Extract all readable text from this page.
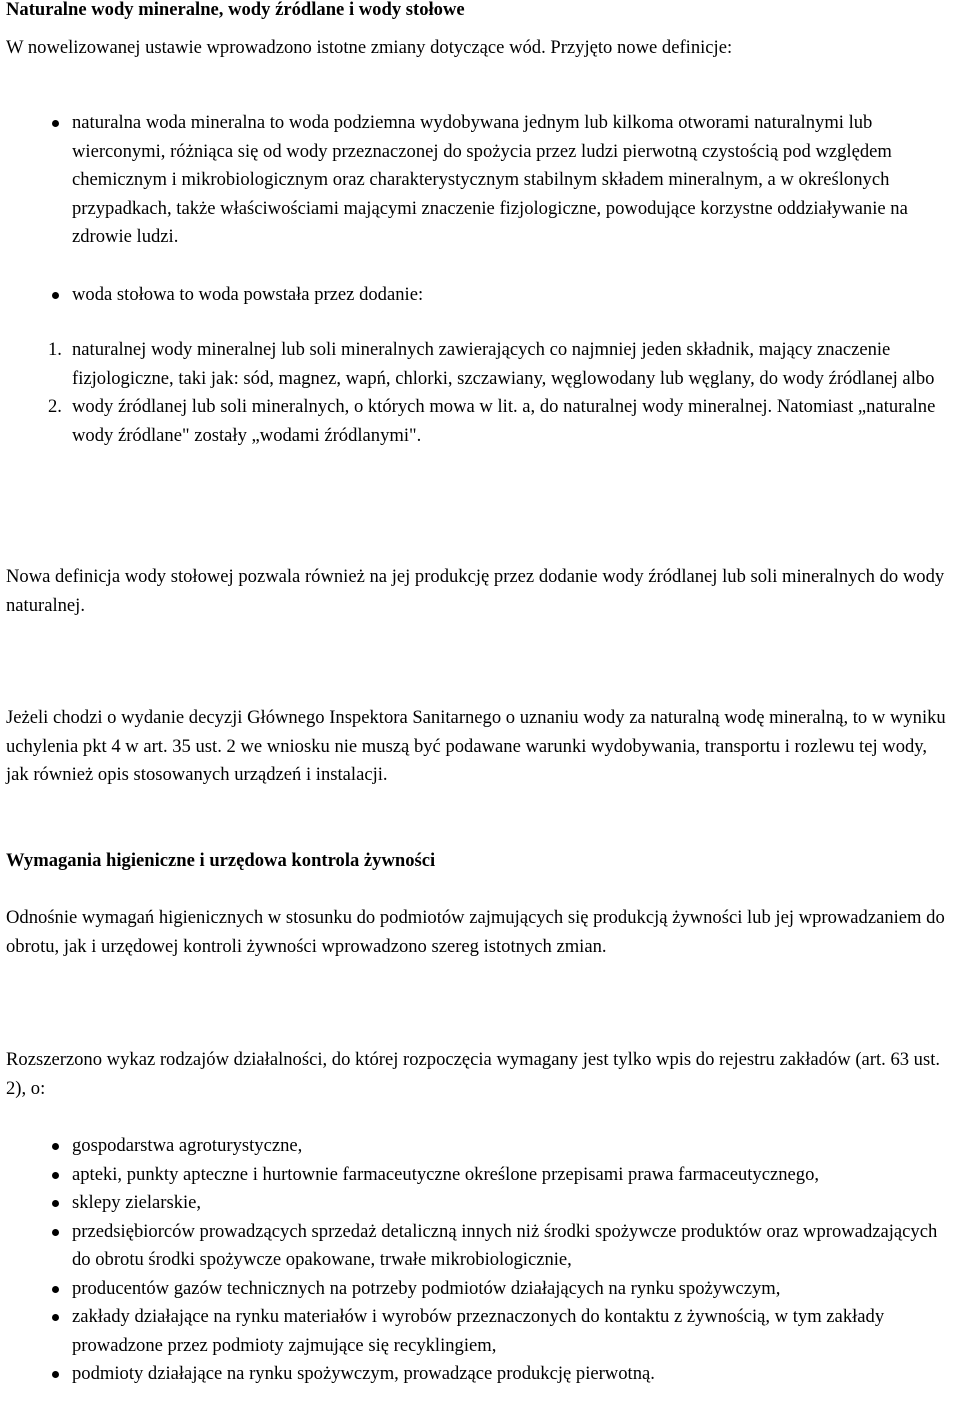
Naturalne wody mineralne, wody źródlane i wody stołowe

W nowelizowanej ustawie wprowadzono istotne zmiany dotyczące wód. Przyjęto nowe definicje:

naturalna woda mineralna to woda podziemna wydobywana jednym lub kilkoma otworami naturalnymi lub wierconymi, różniąca się od wody przeznaczonej do spożycia przez ludzi pierwotną czystością pod względem chemicznym i mikrobiologicznym oraz charakterystycznym stabilnym składem mineralnym, a w określonych przypadkach, także właściwościami mającymi znaczenie fizjologiczne, powodujące korzystne oddziaływanie na zdrowie ludzi.
woda stołowa to woda powstała przez dodanie:
1. naturalnej wody mineralnej lub soli mineralnych zawierających co najmniej jeden składnik, mający znaczenie fizjologiczne, taki jak: sód, magnez, wapń, chlorki, szczawiany, węglowodany lub węglany, do wody źródlanej albo
2. wody źródlanej lub soli mineralnych, o których mowa w lit. a, do naturalnej wody mineralnej. Natomiast „naturalne wody źródlane" zostały „wodami źródlanymi".

Nowa definicja wody stołowej pozwala również na jej produkcję przez dodanie wody źródlanej lub soli mineralnych do wody naturalnej.

Jeżeli chodzi o wydanie decyzji Głównego Inspektora Sanitarnego o uznaniu wody za naturalną wodę mineralną, to w wyniku uchylenia pkt 4 w art. 35 ust. 2 we wniosku nie muszą być podawane warunki wydobywania, transportu i rozlewu tej wody, jak również opis stosowanych urządzeń i instalacji.

Wymagania higieniczne i urzędowa kontrola żywności

Odnośnie wymagań higienicznych w stosunku do podmiotów zajmujących się produkcją żywności lub jej wprowadzaniem do obrotu, jak i urzędowej kontroli żywności wprowadzono szereg istotnych zmian.

Rozszerzono wykaz rodzajów działalności, do której rozpoczęcia wymagany jest tylko wpis do rejestru zakładów (art. 63 ust. 2), o:

gospodarstwa agroturystyczne,
apteki, punkty apteczne i hurtownie farmaceutyczne określone przepisami prawa farmaceutycznego,
sklepy zielarskie,
przedsiębiorców prowadzących sprzedaż detaliczną innych niż środki spożywcze produktów oraz wprowadzających do obrotu środki spożywcze opakowane, trwałe mikrobiologicznie,
producentów gazów technicznych na potrzeby podmiotów działających na rynku spożywczym,
zakłady działające na rynku materiałów i wyrobów przeznaczonych do kontaktu z żywnością, w tym zakłady prowadzone przez podmioty zajmujące się recyklingiem,
podmioty działające na rynku spożywczym, prowadzące produkcję pierwotną.
